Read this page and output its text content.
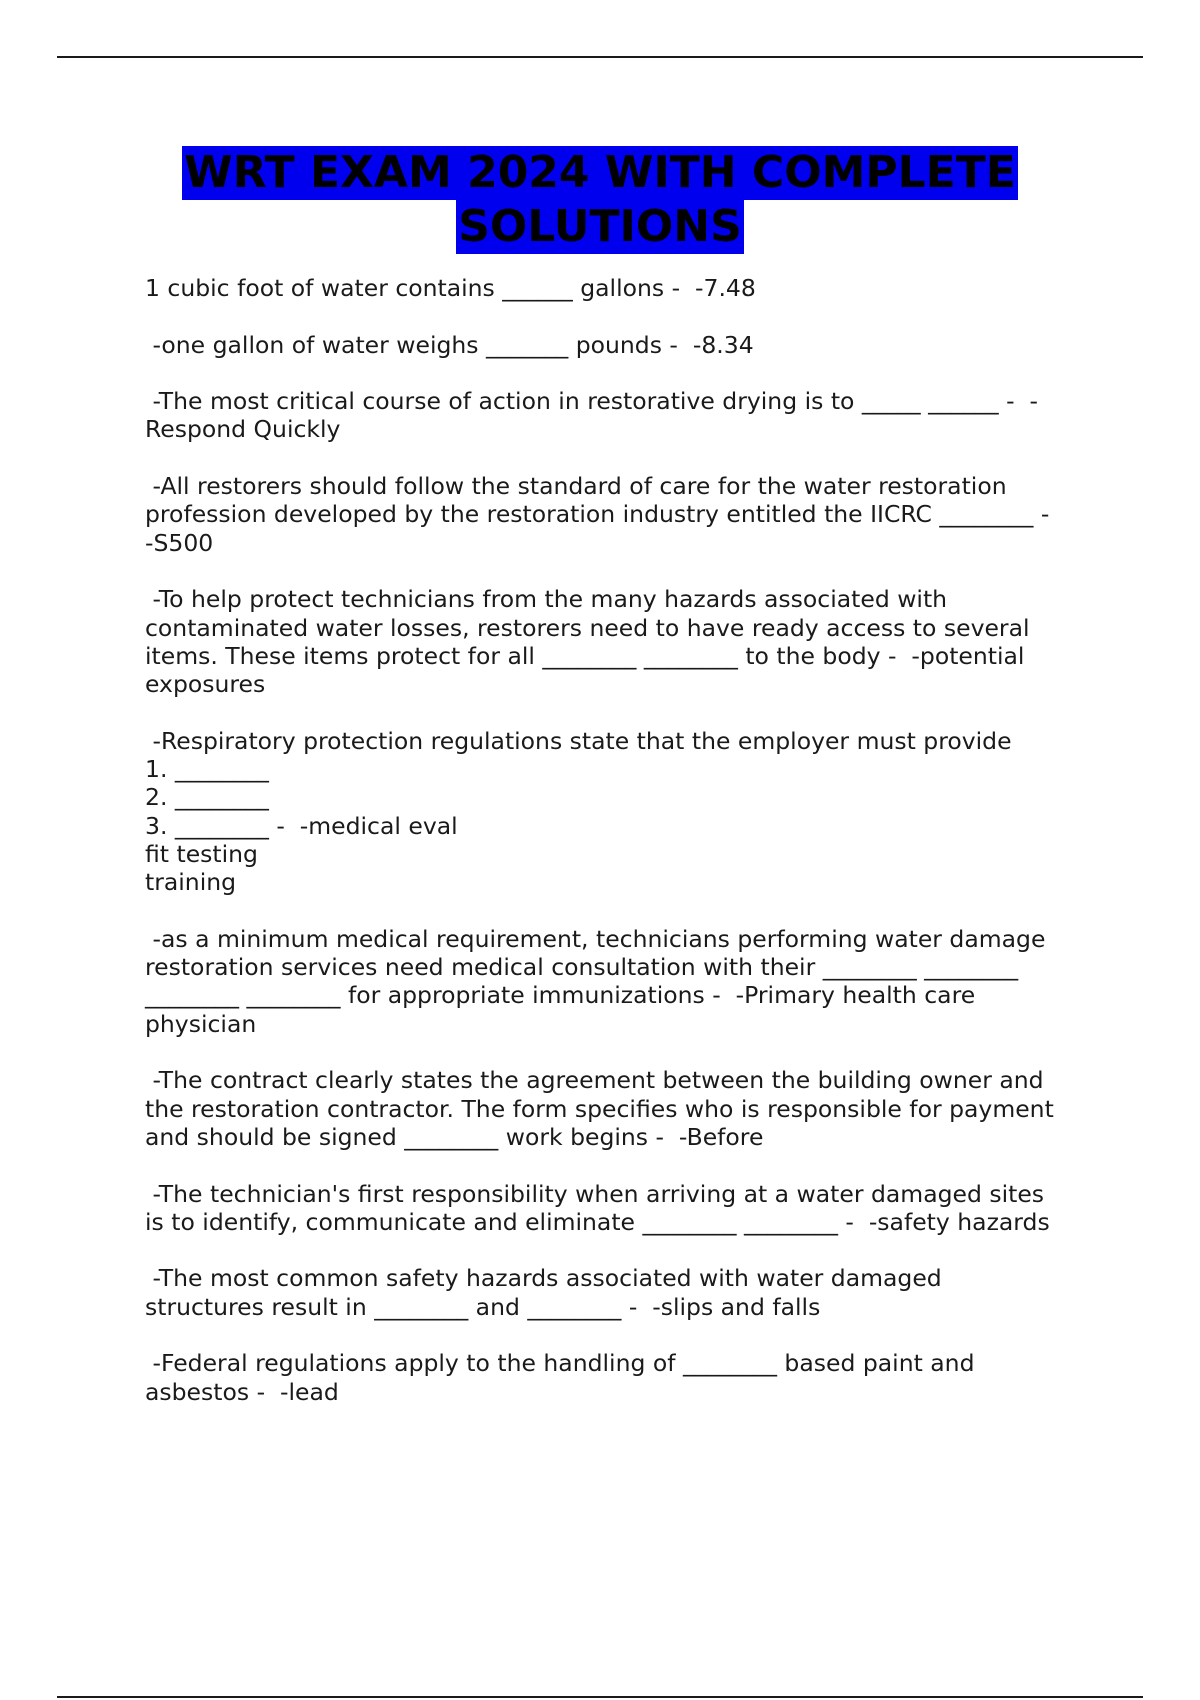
WRT EXAM 2024 WITH COMPLETE
SOLUTIONS

1 cubic foot of water contains ______ gallons -  -7.48

-one gallon of water weighs _______ pounds -  -8.34

-The most critical course of action in restorative drying is to _____ ______ -  -
Respond Quickly

-All restorers should follow the standard of care for the water restoration
profession developed by the restoration industry entitled the IICRC ________ -
-S500

-To help protect technicians from the many hazards associated with
contaminated water losses, restorers need to have ready access to several
items. These items protect for all ________ ________ to the body -  -potential
exposures

-Respiratory protection regulations state that the employer must provide
1. ________
2. ________
3. ________ -  -medical eval
fit testing
training

-as a minimum medical requirement, technicians performing water damage
restoration services need medical consultation with their ________ ________
________ ________ for appropriate immunizations -  -Primary health care
physician

-The contract clearly states the agreement between the building owner and
the restoration contractor. The form specifies who is responsible for payment
and should be signed ________ work begins -  -Before

-The technician's first responsibility when arriving at a water damaged sites
is to identify, communicate and eliminate ________ ________ -  -safety hazards

-The most common safety hazards associated with water damaged
structures result in ________ and ________ -  -slips and falls

-Federal regulations apply to the handling of ________ based paint and
asbestos -  -lead
